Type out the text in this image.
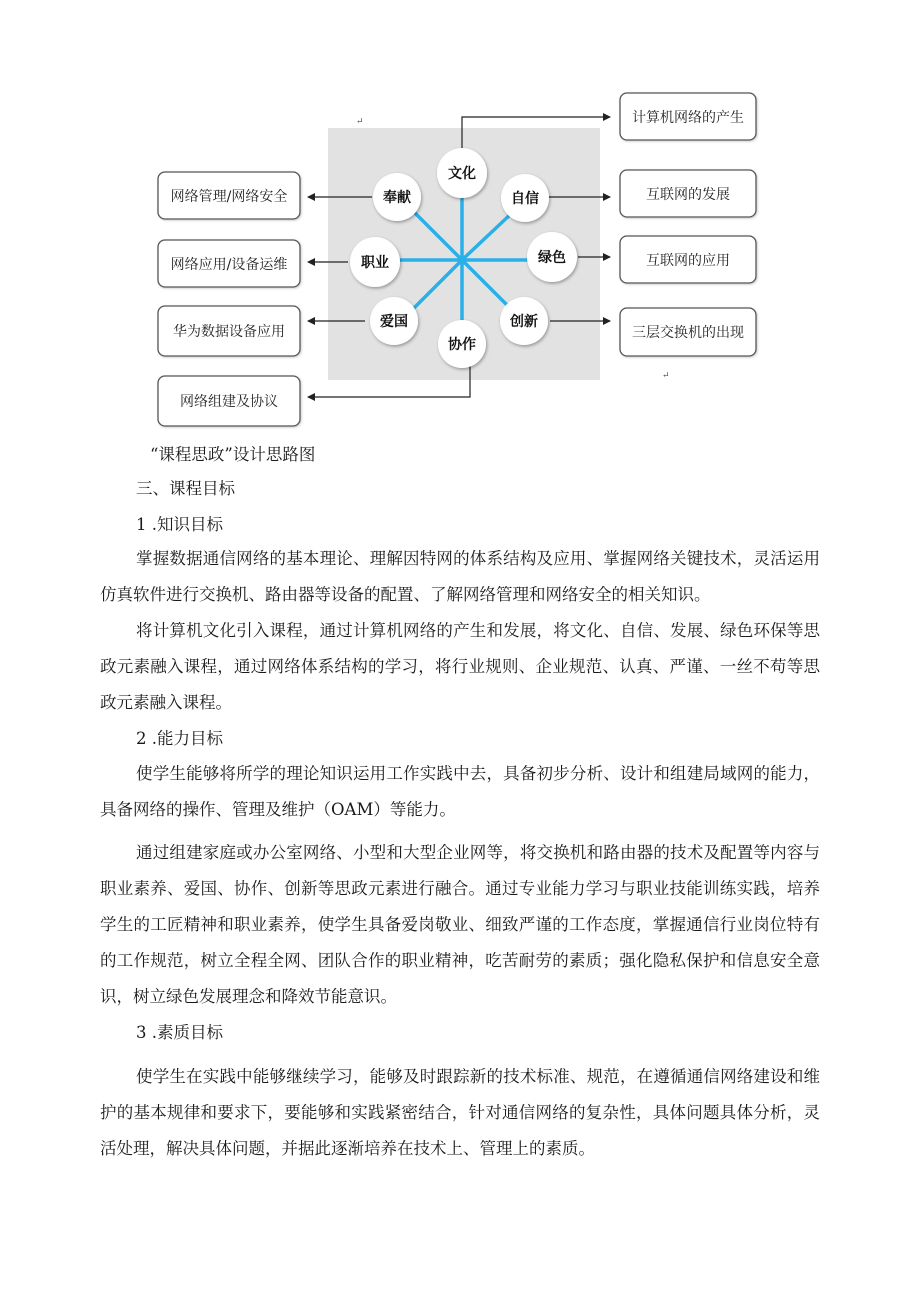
网络管理/网络安全
网络应用/设备运维
华为数据设备应用
网络组建及协议
计算机网络的产生
互联网的发展
互联网的应用
三层交换机的出现
文化
自信
绿色
创新
协作
爱国
职业
奉献
↵
↵
“课程思政”设计思路图
三、课程目标
1 .知识目标

掌握数据通信网络的基本理论、理解因特网的体系结构及应用、掌握网络关键技术，灵活运用仿真软件进行交换机、路由器等设备的配置、了解网络管理和网络安全的相关知识。

将计算机文化引入课程，通过计算机网络的产生和发展，将文化、自信、发展、绿色环保等思政元素融入课程，通过网络体系结构的学习，将行业规则、企业规范、认真、严谨、一丝不苟等思政元素融入课程。

2 .能力目标

使学生能够将所学的理论知识运用工作实践中去，具备初步分析、设计和组建局域网的能力，具备网络的操作、管理及维护（OAM）等能力。

通过组建家庭或办公室网络、小型和大型企业网等，将交换机和路由器的技术及配置等内容与职业素养、爱国、协作、创新等思政元素进行融合。通过专业能力学习与职业技能训练实践，培养学生的工匠精神和职业素养，使学生具备爱岗敬业、细致严谨的工作态度，掌握通信行业岗位特有的工作规范，树立全程全网、团队合作的职业精神，吃苦耐劳的素质；强化隐私保护和信息安全意识，树立绿色发展理念和降效节能意识。

3 .素质目标

使学生在实践中能够继续学习，能够及时跟踪新的技术标准、规范，在遵循通信网络建设和维护的基本规律和要求下，要能够和实践紧密结合，针对通信网络的复杂性，具体问题具体分析，灵活处理，解决具体问题，并据此逐渐培养在技术上、管理上的素质。
